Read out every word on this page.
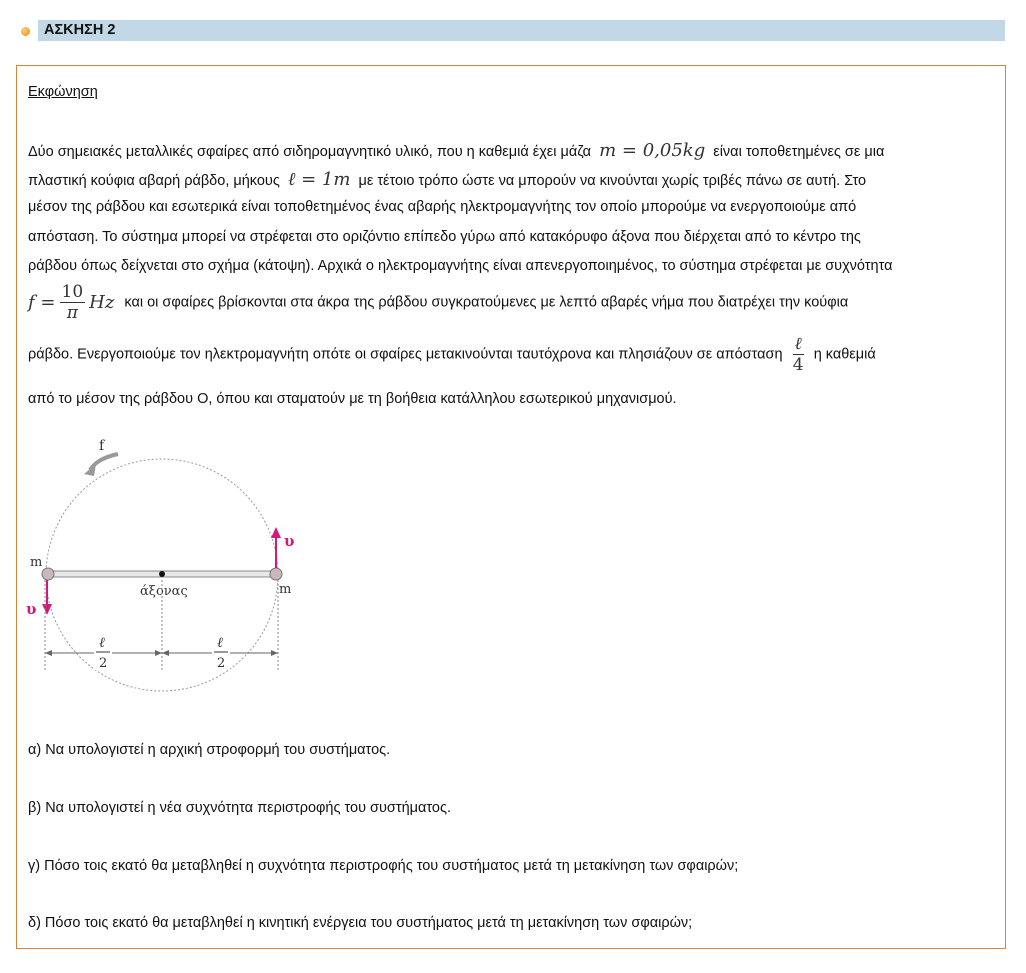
ΑΣΚΗΣΗ 2
Εκφώνηση
Δύο σημειακές μεταλλικές σφαίρες από σιδηρομαγνητικό υλικό, που η καθεμιά έχει μάζα m = 0,05kg είναι τοποθετημένες σε μια
πλαστική κούφια αβαρή ράβδο, μήκους ℓ = 1m με τέτοιο τρόπο ώστε να μπορούν να κινούνται χωρίς τριβές πάνω σε αυτή. Στο
μέσον της ράβδου και εσωτερικά είναι τοποθετημένος ένας αβαρής ηλεκτρομαγνήτης τον οποίο μπορούμε να ενεργοποιούμε από
απόσταση. Το σύστημα μπορεί να στρέφεται στο οριζόντιο επίπεδο γύρω από κατακόρυφο άξονα που διέρχεται από το κέντρο της
ράβδου όπως δείχνεται στο σχήμα (κάτοψη). Αρχικά ο ηλεκτρομαγνήτης είναι απενεργοποιημένος, το σύστημα στρέφεται με συχνότητα
$f = \frac{10}{\pi}$ Hz και οι σφαίρες βρίσκονται στα άκρα της ράβδου συγκρατούμενες με λεπτό αβαρές νήμα που διατρέχει την κούφια
ράβδο. Ενεργοποιούμε τον ηλεκτρομαγνήτη οπότε οι σφαίρες μετακινούνται ταυτόχρονα και πλησιάζουν σε απόσταση $\frac{\text{ℓ}}{4}$ η καθεμιά
από το μέσον της ράβδου Ο, όπου και σταματούν με τη βοήθεια κατάλληλου εσωτερικού μηχανισμού.
f
m
m
άξονας
υ
υ
ℓ
2
ℓ
2
α) Να υπολογιστεί η αρχική στροφορμή του συστήματος.
β) Να υπολογιστεί η νέα συχνότητα περιστροφής του συστήματος.
γ) Πόσο τοις εκατό θα μεταβληθεί η συχνότητα περιστροφής του συστήματος μετά τη μετακίνηση των σφαιρών;
δ) Πόσο τοις εκατό θα μεταβληθεί η κινητική ενέργεια του συστήματος μετά τη μετακίνηση των σφαιρών;
